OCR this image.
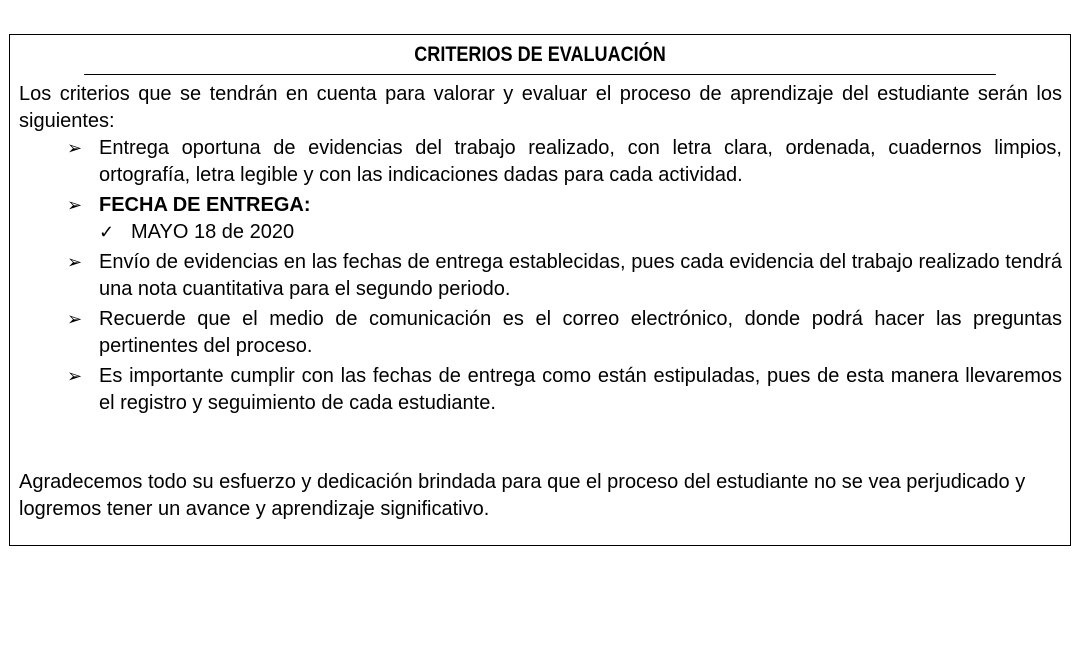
CRITERIOS DE EVALUACIÓN

Los criterios que se tendrán en cuenta para valorar y evaluar el proceso de aprendizaje del estudiante serán los siguientes:

➢ Entrega oportuna de evidencias del trabajo realizado, con letra clara, ordenada, cuadernos limpios, ortografía, letra legible y con las indicaciones dadas para cada actividad.
➢ FECHA DE ENTREGA:
✓ MAYO 18 de 2020
➢ Envío de evidencias en las fechas de entrega establecidas, pues cada evidencia del trabajo realizado tendrá una nota cuantitativa para el segundo periodo.
➢ Recuerde que el medio de comunicación es el correo electrónico, donde podrá hacer las preguntas pertinentes del proceso.
➢ Es importante cumplir con las fechas de entrega como están estipuladas, pues de esta manera llevaremos el registro y seguimiento de cada estudiante.

Agradecemos todo su esfuerzo y dedicación brindada para que el proceso del estudiante no se vea perjudicado y logremos tener un avance y aprendizaje significativo.
